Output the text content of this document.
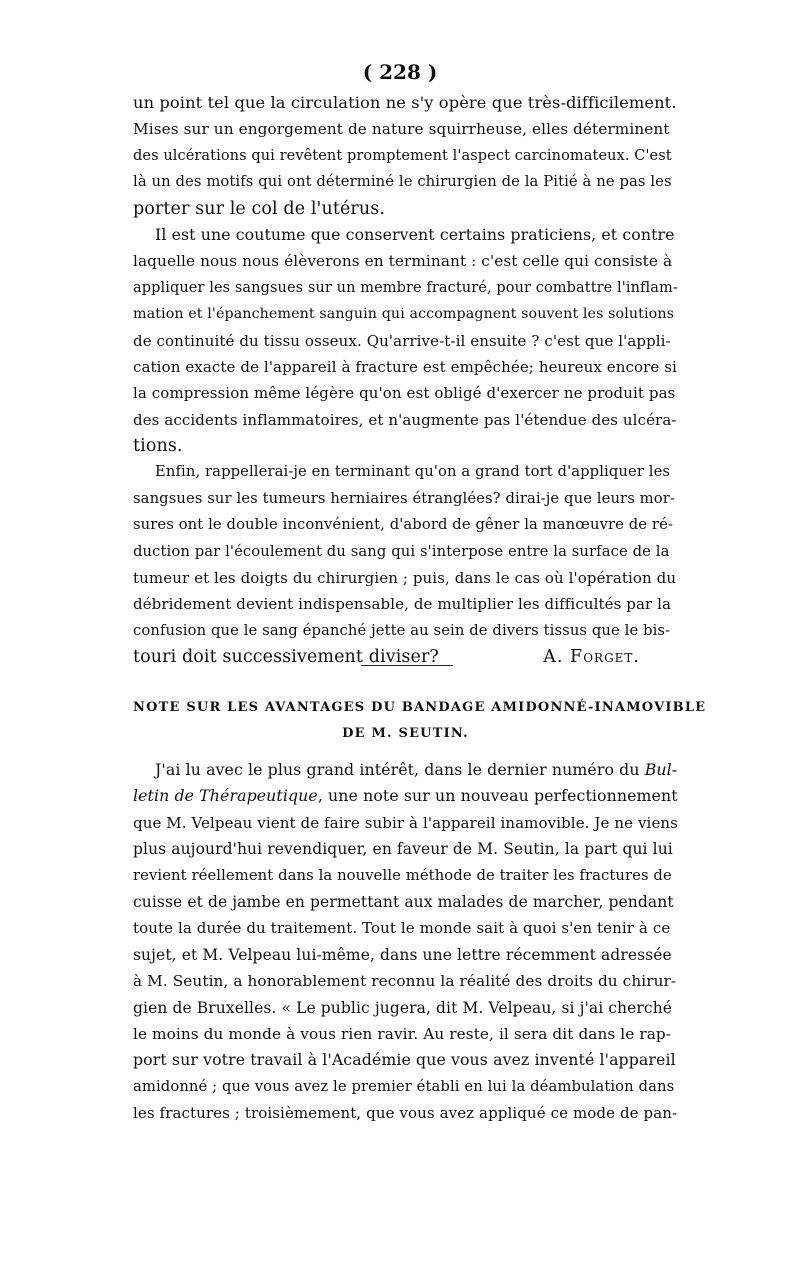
( 228 )
un point tel que la circulation ne s'y opère que très-difficilement.
Mises sur un engorgement de nature squirrheuse, elles déterminent
des ulcérations qui revêtent promptement l'aspect carcinomateux. C'est
là un des motifs qui ont déterminé le chirurgien de la Pitié à ne pas les
porter sur le col de l'utérus.
Il est une coutume que conservent certains praticiens, et contre
laquelle nous nous élèverons en terminant : c'est celle qui consiste à
appliquer les sangsues sur un membre fracturé, pour combattre l'inflam-
mation et l'épanchement sanguin qui accompagnent souvent les solutions
de continuité du tissu osseux. Qu'arrive-t-il ensuite ? c'est que l'appli-
cation exacte de l'appareil à fracture est empêchée; heureux encore si
la compression même légère qu'on est obligé d'exercer ne produit pas
des accidents inflammatoires, et n'augmente pas l'étendue des ulcéra-
tions.
Enfin, rappellerai-je en terminant qu'on a grand tort d'appliquer les
sangsues sur les tumeurs herniaires étranglées? dirai-je que leurs mor-
sures ont le double inconvénient, d'abord de gêner la manœuvre de ré-
duction par l'écoulement du sang qui s'interpose entre la surface de la
tumeur et les doigts du chirurgien ; puis, dans le cas où l'opération du
débridement devient indispensable, de multiplier les difficultés par la
confusion que le sang épanché jette au sein de divers tissus que le bis-
touri doit successivement diviser?	A. Forget.
NOTE SUR LES AVANTAGES DU BANDAGE AMIDONNÉ-INAMOVIBLE
DE M. SEUTIN.
J'ai lu avec le plus grand intérêt, dans le dernier numéro du Bul-
letin de Thérapeutique, une note sur un nouveau perfectionnement
que M. Velpeau vient de faire subir à l'appareil inamovible. Je ne viens
plus aujourd'hui revendiquer, en faveur de M. Seutin, la part qui lui
revient réellement dans la nouvelle méthode de traiter les fractures de
cuisse et de jambe en permettant aux malades de marcher, pendant
toute la durée du traitement. Tout le monde sait à quoi s'en tenir à ce
sujet, et M. Velpeau lui-même, dans une lettre récemment adressée
à M. Seutin, a honorablement reconnu la réalité des droits du chirur-
gien de Bruxelles. « Le public jugera, dit M. Velpeau, si j'ai cherché
le moins du monde à vous rien ravir. Au reste, il sera dit dans le rap-
port sur votre travail à l'Académie que vous avez inventé l'appareil
amidonné ; que vous avez le premier établi en lui la déambulation dans
les fractures ; troisièmement, que vous avez appliqué ce mode de pan-
